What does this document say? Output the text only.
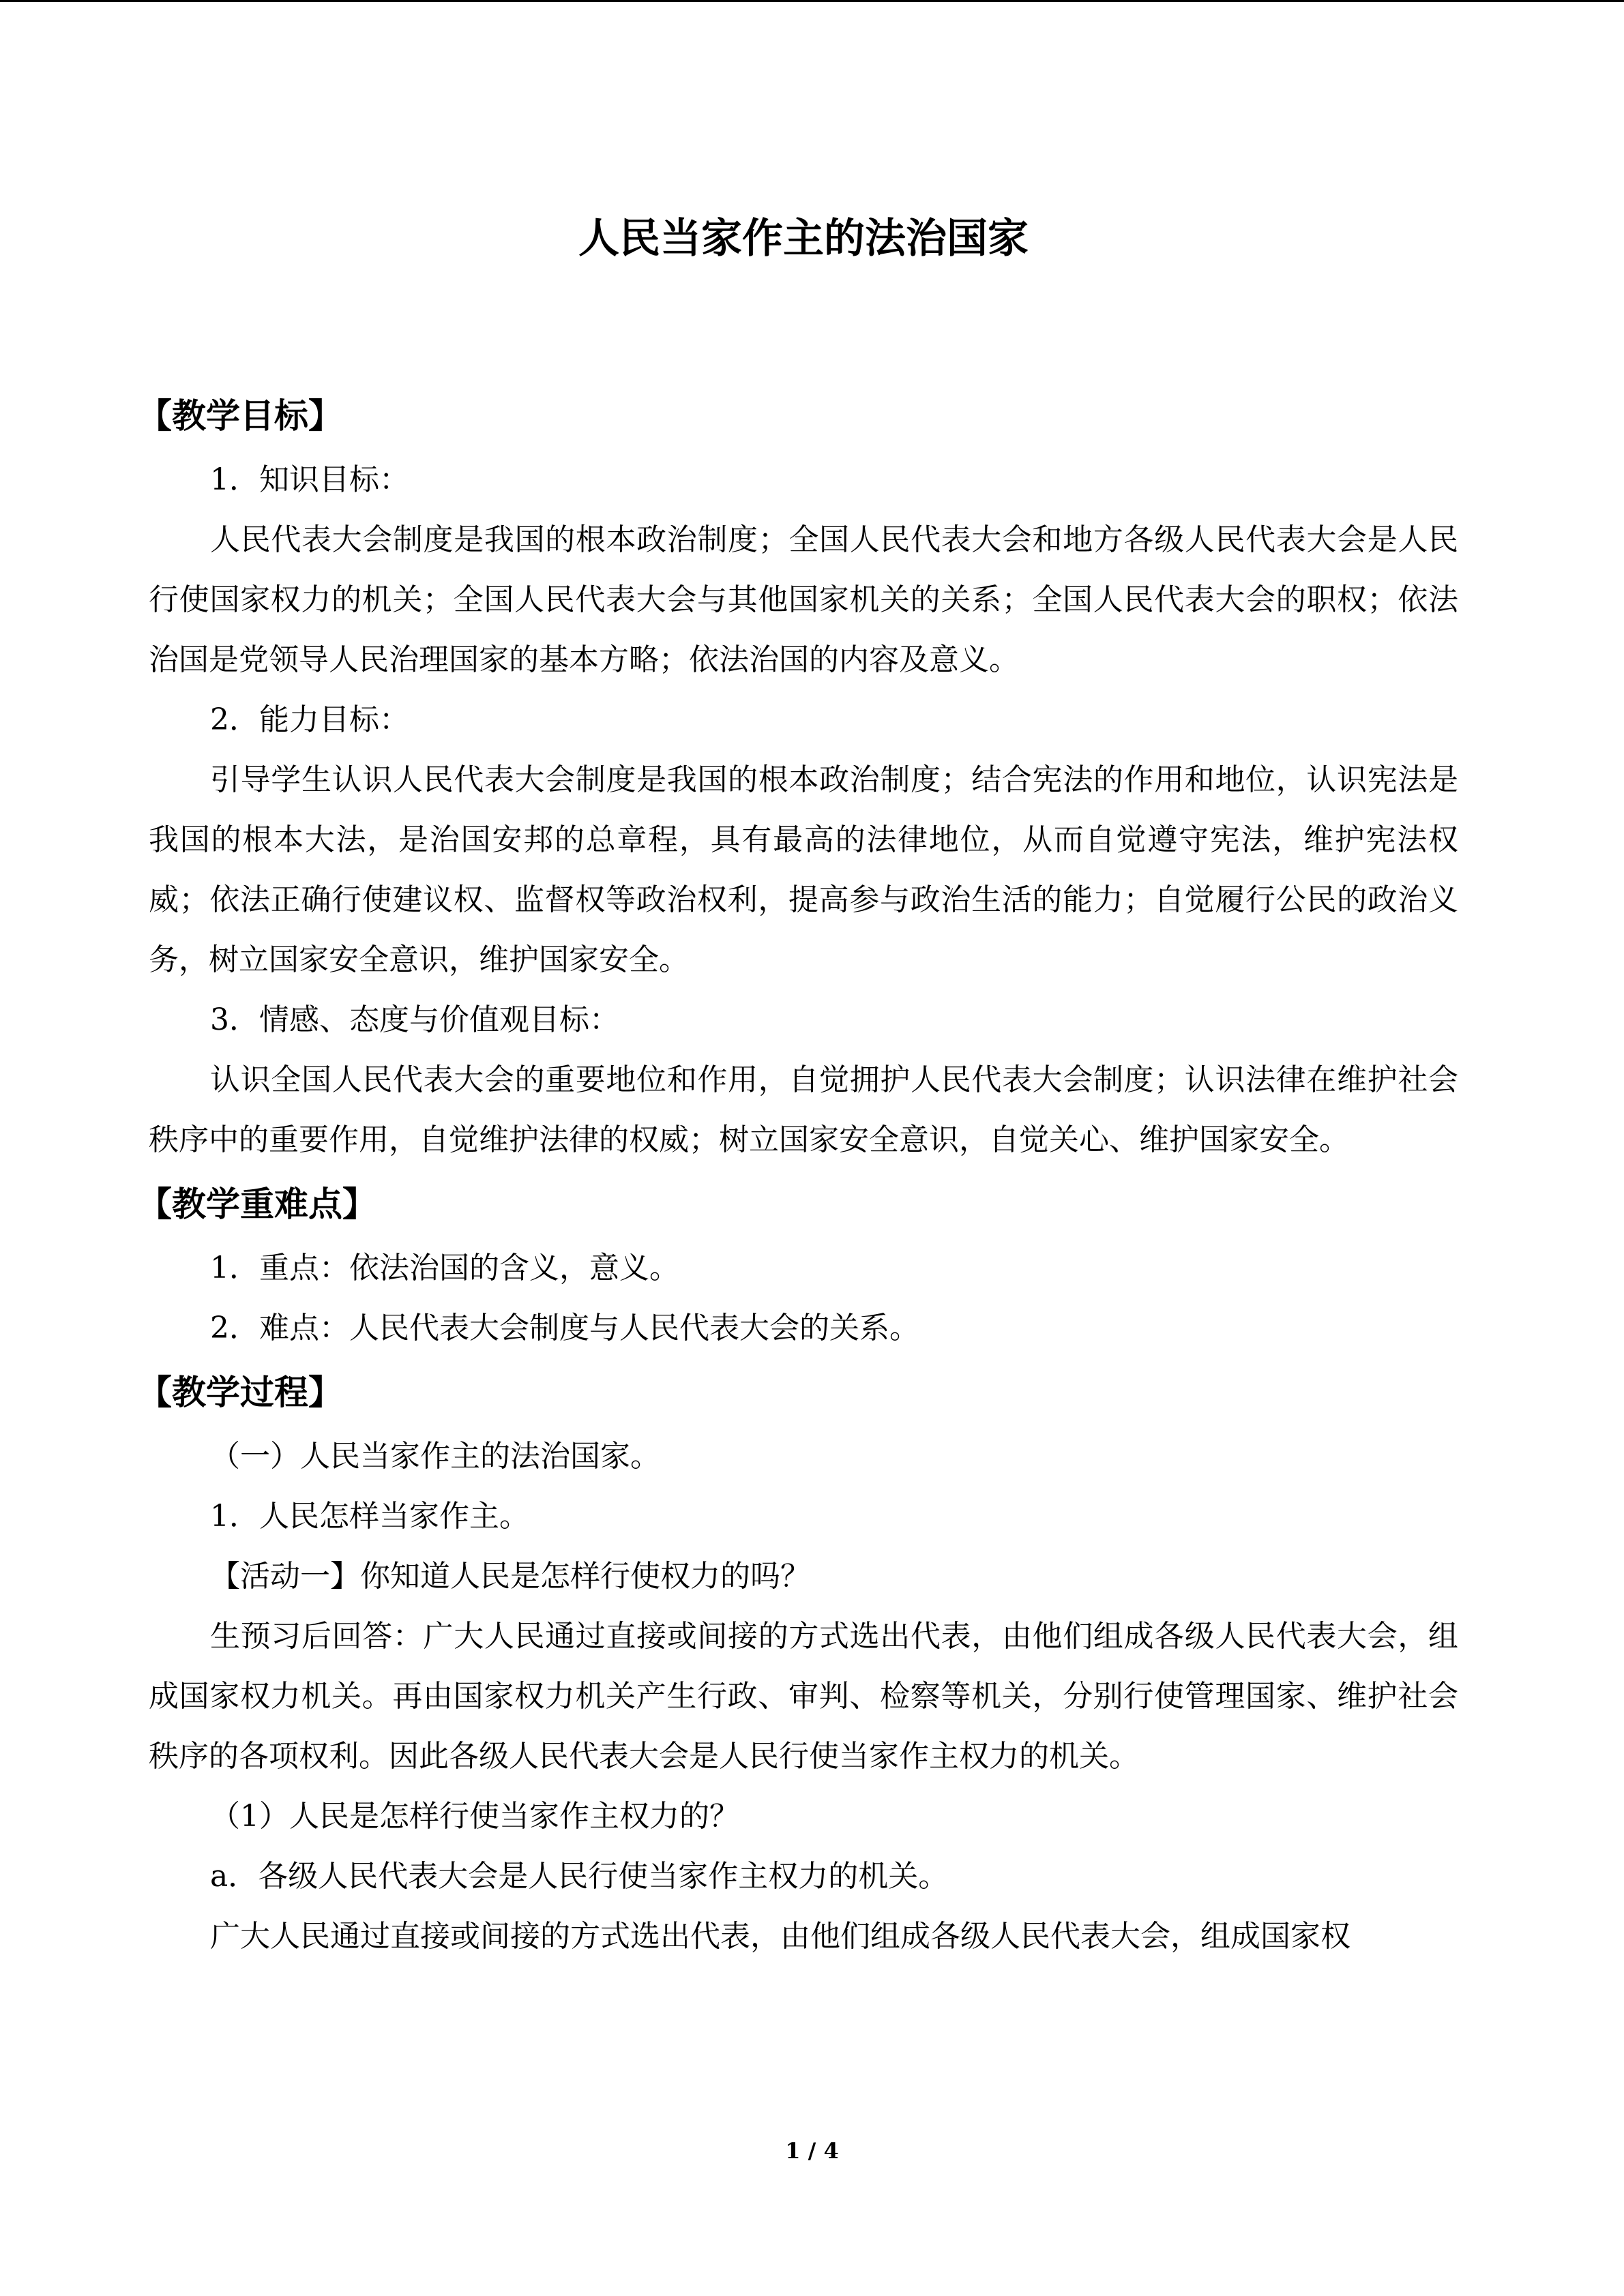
人民当家作主的法治国家
【教学目标】

1．知识目标：

人民代表大会制度是我国的根本政治制度；全国人民代表大会和地方各级人民代表大会是人民行使国家权力的机关；全国人民代表大会与其他国家机关的关系；全国人民代表大会的职权；依法治国是党领导人民治理国家的基本方略；依法治国的内容及意义。

2．能力目标：

引导学生认识人民代表大会制度是我国的根本政治制度；结合宪法的作用和地位，认识宪法是我国的根本大法，是治国安邦的总章程，具有最高的法律地位，从而自觉遵守宪法，维护宪法权威；依法正确行使建议权、监督权等政治权利，提高参与政治生活的能力；自觉履行公民的政治义务，树立国家安全意识，维护国家安全。

3．情感、态度与价值观目标：

认识全国人民代表大会的重要地位和作用，自觉拥护人民代表大会制度；认识法律在维护社会秩序中的重要作用，自觉维护法律的权威；树立国家安全意识，自觉关心、维护国家安全。

【教学重难点】

1．重点：依法治国的含义，意义。

2．难点：人民代表大会制度与人民代表大会的关系。

【教学过程】

（一）人民当家作主的法治国家。

1．人民怎样当家作主。

【活动一】你知道人民是怎样行使权力的吗？

生预习后回答：广大人民通过直接或间接的方式选出代表，由他们组成各级人民代表大会，组成国家权力机关。再由国家权力机关产生行政、审判、检察等机关，分别行使管理国家、维护社会秩序的各项权利。因此各级人民代表大会是人民行使当家作主权力的机关。

（1）人民是怎样行使当家作主权力的？

a．各级人民代表大会是人民行使当家作主权力的机关。

广大人民通过直接或间接的方式选出代表，由他们组成各级人民代表大会，组成国家权

1 / 4
